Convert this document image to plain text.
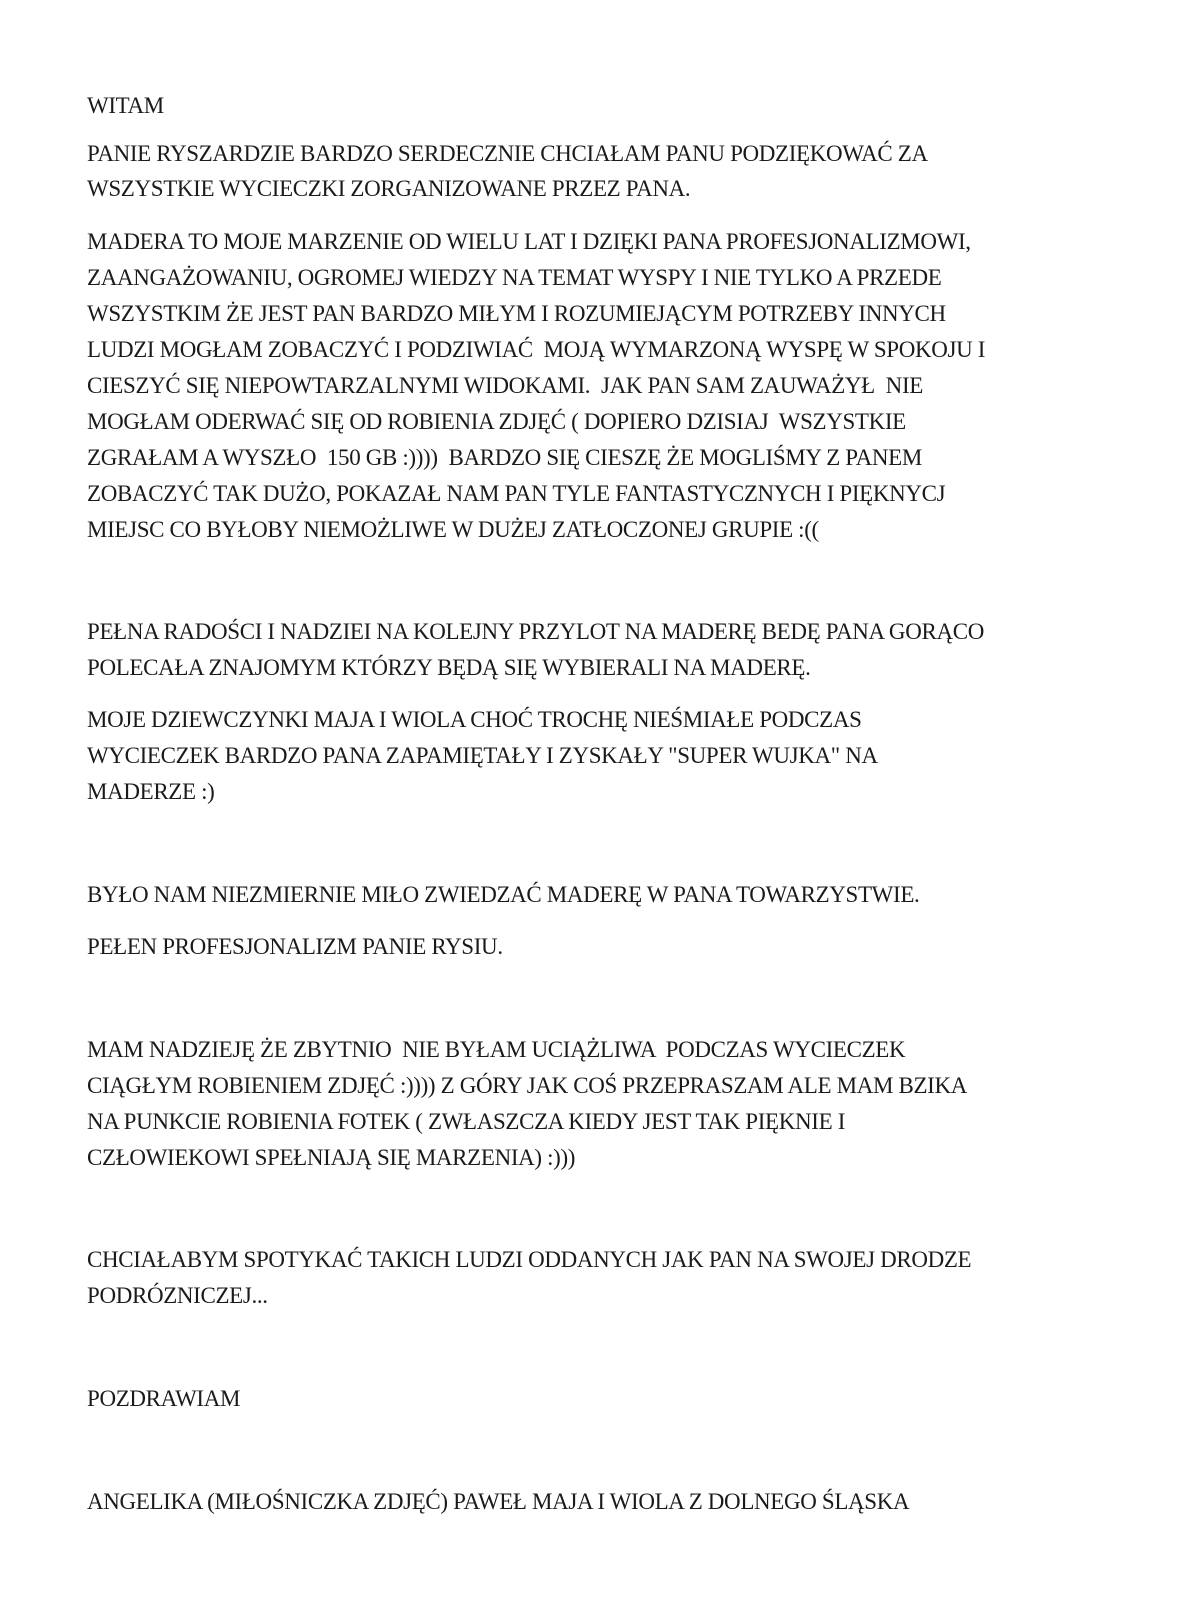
WITAM

PANIE RYSZARDZIE BARDZO SERDECZNIE CHCIAŁAM PANU PODZIĘKOWAĆ ZA

WSZYSTKIE WYCIECZKI ZORGANIZOWANE PRZEZ PANA.

MADERA TO MOJE MARZENIE OD WIELU LAT I DZIĘKI PANA PROFESJONALIZMOWI,

ZAANGAŻOWANIU, OGROMEJ WIEDZY NA TEMAT WYSPY I NIE TYLKO A PRZEDE

WSZYSTKIM ŻE JEST PAN BARDZO MIŁYM I ROZUMIEJĄCYM POTRZEBY INNYCH

LUDZI MOGŁAM ZOBACZYĆ I PODZIWIAĆ  MOJĄ WYMARZONĄ WYSPĘ W SPOKOJU I

CIESZYĆ SIĘ NIEPOWTARZALNYMI WIDOKAMI.  JAK PAN SAM ZAUWAŻYŁ  NIE

MOGŁAM ODERWAĆ SIĘ OD ROBIENIA ZDJĘĆ ( DOPIERO DZISIAJ  WSZYSTKIE

ZGRAŁAM A WYSZŁO  150 GB :))))  BARDZO SIĘ CIESZĘ ŻE MOGLIŚMY Z PANEM

ZOBACZYĆ TAK DUŻO, POKAZAŁ NAM PAN TYLE FANTASTYCZNYCH I PIĘKNYCJ

MIEJSC CO BYŁOBY NIEMOŻLIWE W DUŻEJ ZATŁOCZONEJ GRUPIE :((

PEŁNA RADOŚCI I NADZIEI NA KOLEJNY PRZYLOT NA MADERĘ BEDĘ PANA GORĄCO

POLECAŁA ZNAJOMYM KTÓRZY BĘDĄ SIĘ WYBIERALI NA MADERĘ.

MOJE DZIEWCZYNKI MAJA I WIOLA CHOĆ TROCHĘ NIEŚMIAŁE PODCZAS

WYCIECZEK BARDZO PANA ZAPAMIĘTAŁY I ZYSKAŁY "SUPER WUJKA" NA

MADERZE :)

BYŁO NAM NIEZMIERNIE MIŁO ZWIEDZAĆ MADERĘ W PANA TOWARZYSTWIE.

PEŁEN PROFESJONALIZM PANIE RYSIU.

MAM NADZIEJĘ ŻE ZBYTNIO  NIE BYŁAM UCIĄŻLIWA  PODCZAS WYCIECZEK

CIĄGŁYM ROBIENIEM ZDJĘĆ :)))) Z GÓRY JAK COŚ PRZEPRASZAM ALE MAM BZIKA

NA PUNKCIE ROBIENIA FOTEK ( ZWŁASZCZA KIEDY JEST TAK PIĘKNIE I

CZŁOWIEKOWI SPEŁNIAJĄ SIĘ MARZENIA) :)))

CHCIAŁABYM SPOTYKAĆ TAKICH LUDZI ODDANYCH JAK PAN NA SWOJEJ DRODZE

PODRÓZNICZEJ...

POZDRAWIAM

ANGELIKA (MIŁOŚNICZKA ZDJĘĆ) PAWEŁ MAJA I WIOLA Z DOLNEGO ŚLĄSKA
